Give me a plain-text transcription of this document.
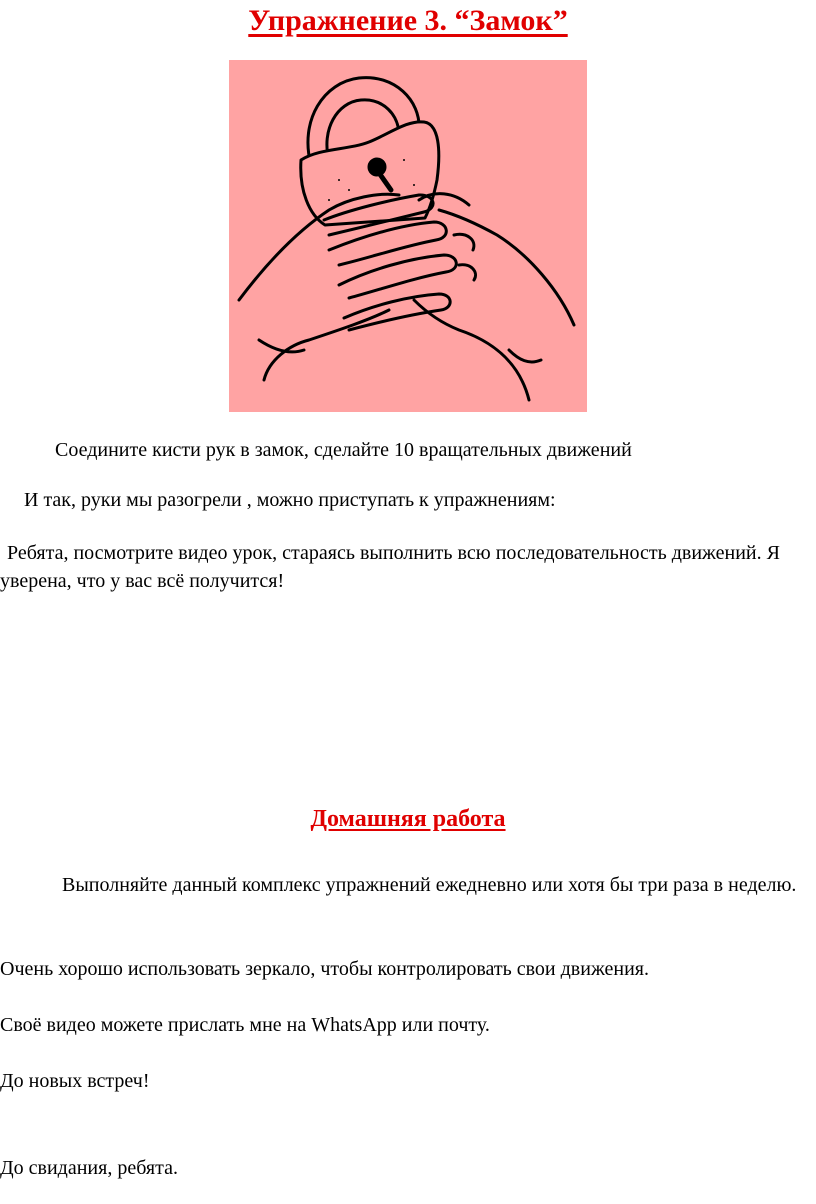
Упражнение 3. “Замок”

Соедините кисти рук в замок, сделайте 10 вращательных движений

И так, руки мы разогрели , можно приступать к упражнениям:

Ребята, посмотрите видео урок, стараясь выполнить всю последовательность движений. Я уверена, что у вас всё получится!

Домашняя работа

Выполняйте данный комплекс упражнений ежедневно или хотя бы три раза в неделю.

Очень хорошо использовать зеркало, чтобы контролировать свои движения.

Своё видео можете прислать мне на WhatsApp или почту.

До новых встреч!

До свидания, ребята.
